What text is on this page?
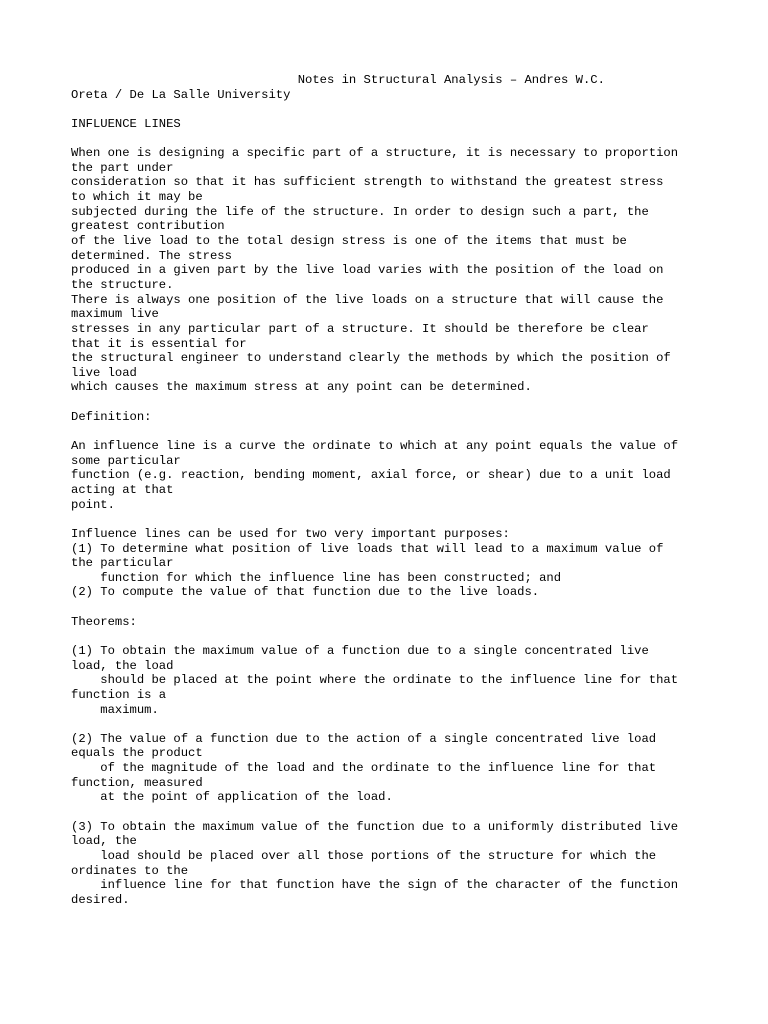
Notes in Structural Analysis – Andres W.C.
Oreta / De La Salle University
INFLUENCE LINES
When one is designing a specific part of a structure, it is necessary to proportion
the part under
consideration so that it has sufficient strength to withstand the greatest stress
to which it may be
subjected during the life of the structure. In order to design such a part, the
greatest contribution
of the live load to the total design stress is one of the items that must be
determined. The stress
produced in a given part by the live load varies with the position of the load on
the structure.
There is always one position of the live loads on a structure that will cause the
maximum live
stresses in any particular part of a structure. It should be therefore be clear
that it is essential for
the structural engineer to understand clearly the methods by which the position of
live load
which causes the maximum stress at any point can be determined.
Definition:
An influence line is a curve the ordinate to which at any point equals the value of
some particular
function (e.g. reaction, bending moment, axial force, or shear) due to a unit load
acting at that
point.
Influence lines can be used for two very important purposes:
(1) To determine what position of live loads that will lead to a maximum value of
the particular
function for which the influence line has been constructed; and
(2) To compute the value of that function due to the live loads.
Theorems:
(1) To obtain the maximum value of a function due to a single concentrated live
load, the load
should be placed at the point where the ordinate to the influence line for that
function is a
maximum.
(2) The value of a function due to the action of a single concentrated live load
equals the product
of the magnitude of the load and the ordinate to the influence line for that
function, measured
at the point of application of the load.
(3) To obtain the maximum value of the function due to a uniformly distributed live
load, the
load should be placed over all those portions of the structure for which the
ordinates to the
influence line for that function have the sign of the character of the function
desired.
